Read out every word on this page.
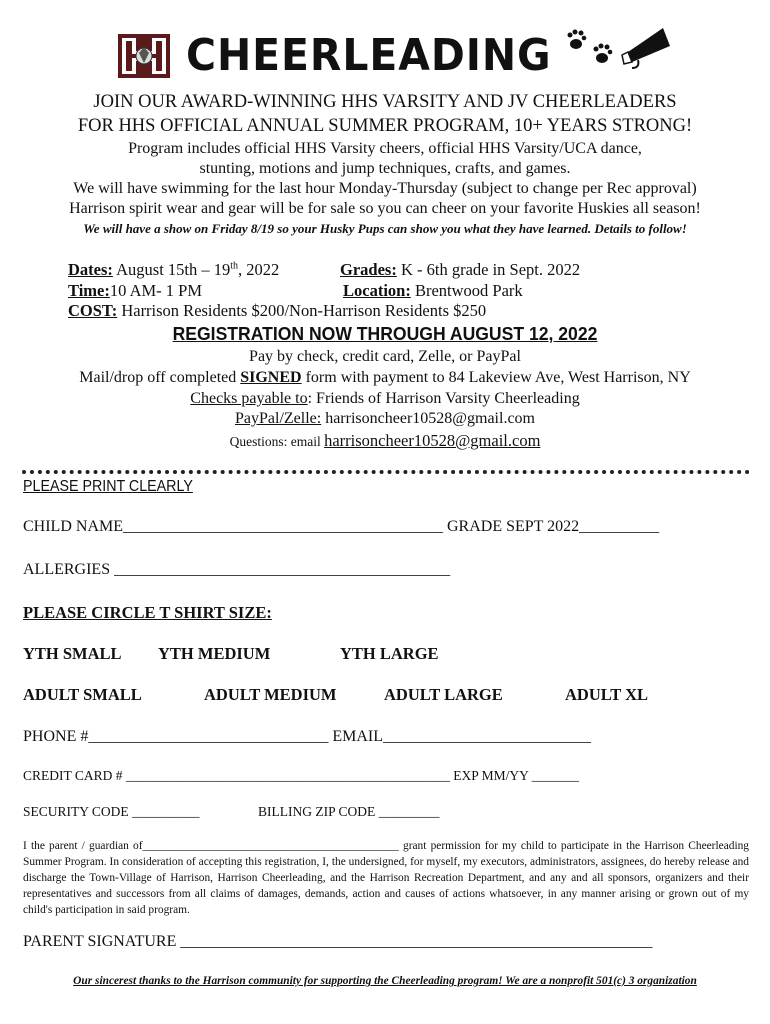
CHEERLEADING
JOIN OUR AWARD-WINNING HHS VARSITY AND JV CHEERLEADERS
FOR HHS OFFICIAL ANNUAL SUMMER PROGRAM, 10+ YEARS STRONG!
Program includes official HHS Varsity cheers, official HHS Varsity/UCA dance,
stunting, motions and jump techniques, crafts, and games.
We will have swimming for the last hour Monday-Thursday (subject to change per Rec approval)
Harrison spirit wear and gear will be for sale so you can cheer on your favorite Huskies all season!
We will have a show on Friday 8/19 so your Husky Pups can show you what they have learned. Details to follow!
Dates: August 15th – 19th, 2022	Grades: K - 6th grade in Sept. 2022
Time:10 AM- 1 PM	Location: Brentwood Park
COST: Harrison Residents $200/Non-Harrison Residents $250
REGISTRATION NOW THROUGH AUGUST 12, 2022
Pay by check, credit card, Zelle, or PayPal
Mail/drop off completed SIGNED form with payment to 84 Lakeview Ave, West Harrison, NY
Checks payable to: Friends of Harrison Varsity Cheerleading
PayPal/Zelle: harrisoncheer10528@gmail.com
Questions: email harrisoncheer10528@gmail.com
PLEASE PRINT CLEARLY
CHILD NAME________________________________________ GRADE SEPT 2022__________
ALLERGIES __________________________________________
PLEASE CIRCLE T SHIRT SIZE:
YTH SMALL YTH MEDIUM	YTH LARGE
ADULT SMALL	ADULT MEDIUM	ADULT LARGE	ADULT XL
PHONE #______________________________ EMAIL__________________________
CREDIT CARD # ________________________________________________ EXP MM/YY _______
SECURITY CODE __________	BILLING ZIP CODE _________
I the parent / guardian of_____________________________________________ grant permission for my child to participate in the Harrison Cheerleading Summer Program. In consideration of accepting this registration, I, the undersigned, for myself, my executors, administrators, assignees, do hereby release and discharge the Town-Village of Harrison, Harrison Cheerleading, and the Harrison Recreation Department, and any and all sponsors, organizers and their representatives and successors from all claims of damages, demands, action and causes of actions whatsoever, in any manner arising or grown out of my child's participation in said program.
PARENT SIGNATURE ___________________________________________________________
Our sincerest thanks to the Harrison community for supporting the Cheerleading program! We are a nonprofit 501(c) 3 organization
